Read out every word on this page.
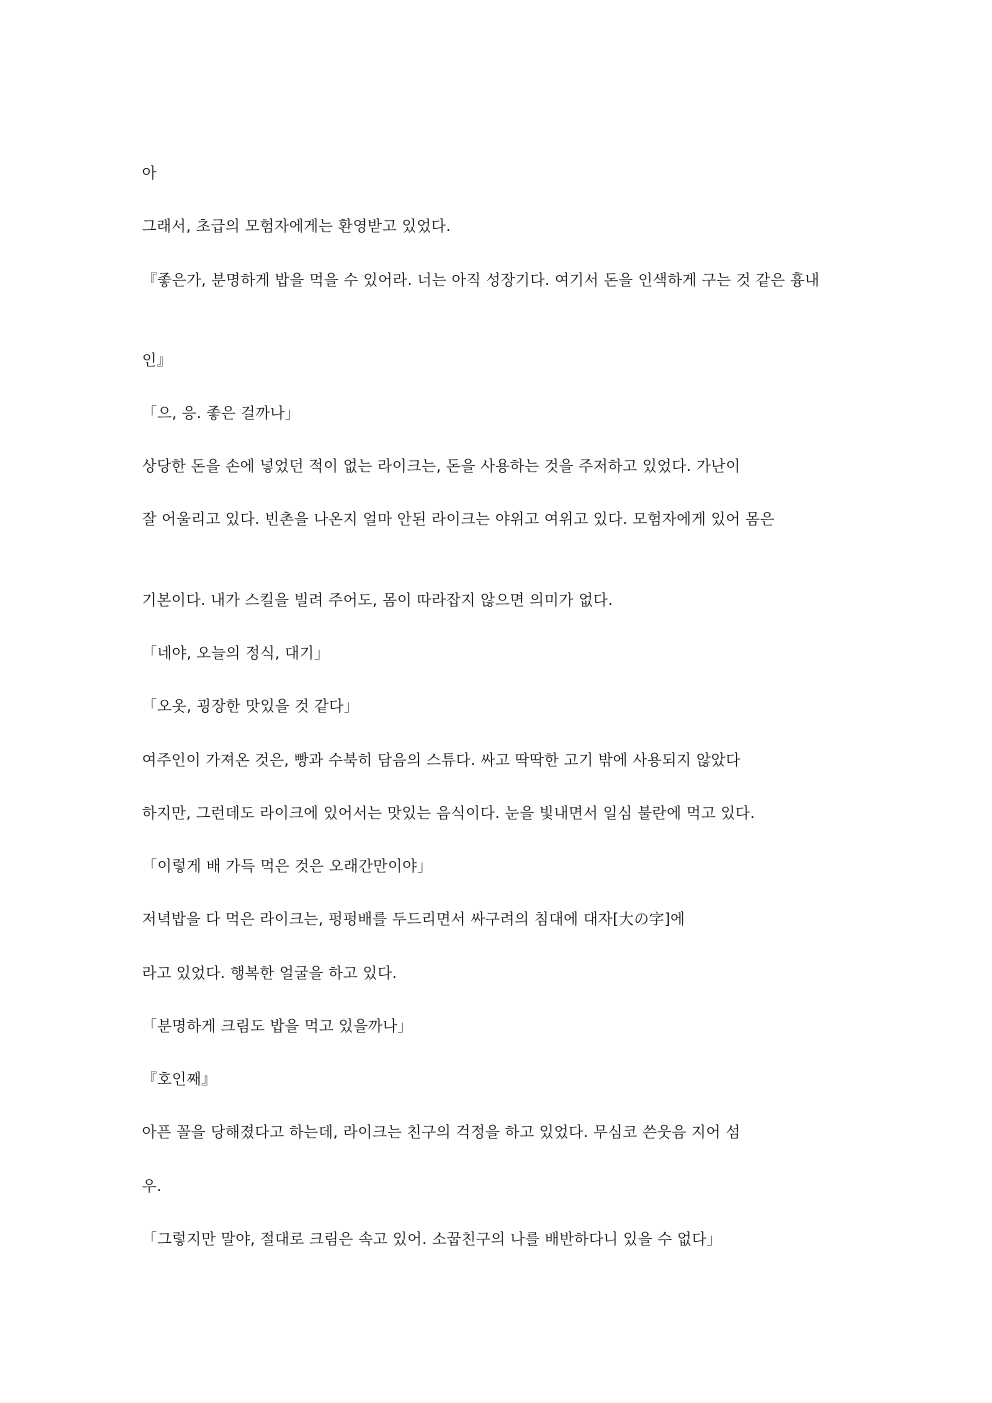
아

그래서, 초급의 모험자에게는 환영받고 있었다.

『좋은가, 분명하게 밥을 먹을 수 있어라. 너는 아직 성장기다. 여기서 돈을 인색하게 구는 것 같은 흉내

인』

「으, 응. 좋은 걸까나」

상당한 돈을 손에 넣었던 적이 없는 라이크는, 돈을 사용하는 것을 주저하고 있었다. 가난이

잘 어울리고 있다. 빈촌을 나온지 얼마 안된 라이크는 야위고 여위고 있다. 모험자에게 있어 몸은

기본이다. 내가 스킬을 빌려 주어도, 몸이 따라잡지 않으면 의미가 없다.

「네야, 오늘의 정식, 대기」

「오옷, 굉장한 맛있을 것 같다」

여주인이 가져온 것은, 빵과 수북히 담음의 스튜다. 싸고 딱딱한 고기 밖에 사용되지 않았다

하지만, 그런데도 라이크에 있어서는 맛있는 음식이다. 눈을 빛내면서 일심 불란에 먹고 있다.

「이렇게 배 가득 먹은 것은 오래간만이야」

저녁밥을 다 먹은 라이크는, 펑펑배를 두드리면서 싸구려의 침대에 대자[大の字]에

라고 있었다. 행복한 얼굴을 하고 있다.

「분명하게 크림도 밥을 먹고 있을까나」

『호인째』

아픈 꼴을 당해졌다고 하는데, 라이크는 친구의 걱정을 하고 있었다. 무심코 쓴웃음 지어 섬

우.

「그렇지만 말야, 절대로 크림은 속고 있어. 소꿉친구의 나를 배반하다니 있을 수 없다」
